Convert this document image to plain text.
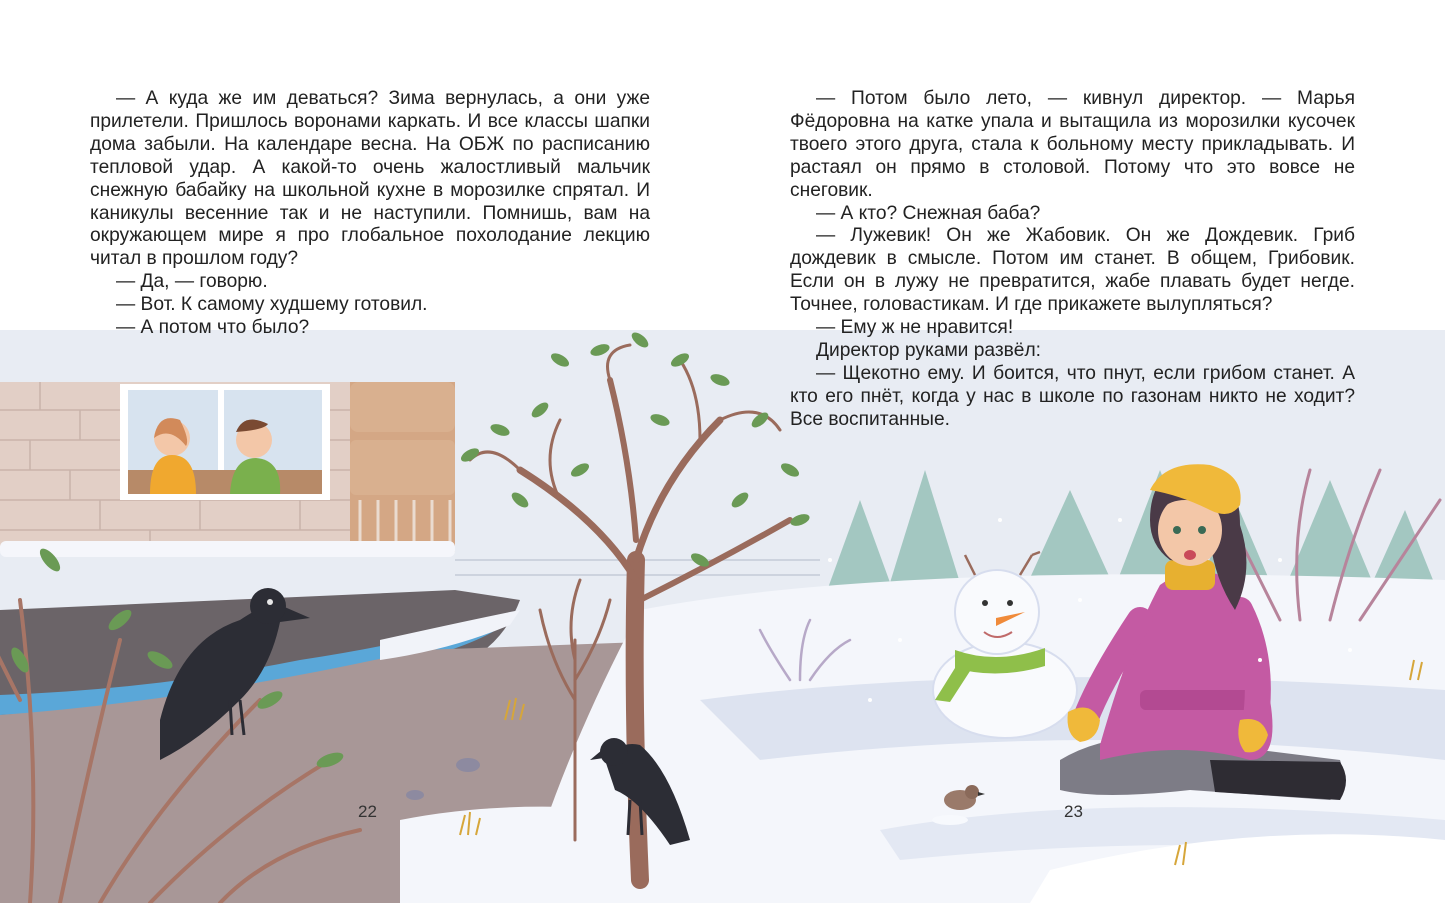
— А куда же им деваться? Зима вернулась, а они уже прилетели. Пришлось воронами каркать. И все классы шапки дома забыли. На календаре весна. На ОБЖ по расписанию тепловой удар. А какой-то очень жалостливый мальчик снежную бабайку на школьной кухне в морозилке спрятал. И каникулы весенние так и не наступили. Помнишь, вам на окружающем мире я про глобальное похолодание лекцию читал в прошлом году?

— Да, — говорю.

— Вот. К самому худшему готовил.

— А потом что было?

— Потом было лето, — кивнул директор. — Марья Фёдоровна на катке упала и вытащила из морозилки кусочек твоего этого друга, стала к больному месту прикладывать. И растаял он прямо в столовой. Потому что это вовсе не снеговик.

— А кто? Снежная баба?

— Лужевик! Он же Жабовик. Он же Дождевик. Гриб дождевик в смысле. Потом им станет. В общем, Грибовик. Если он в лужу не превратится, жабе плавать будет негде. Точнее, головастикам. И где прикажете вылупляться?

— Ему ж не нравится!

Директор руками развёл:

— Щекотно ему. И боится, что пнут, если грибом станет. А кто его пнёт, когда у нас в школе по газонам никто не ходит? Все воспитанные.

22	23
